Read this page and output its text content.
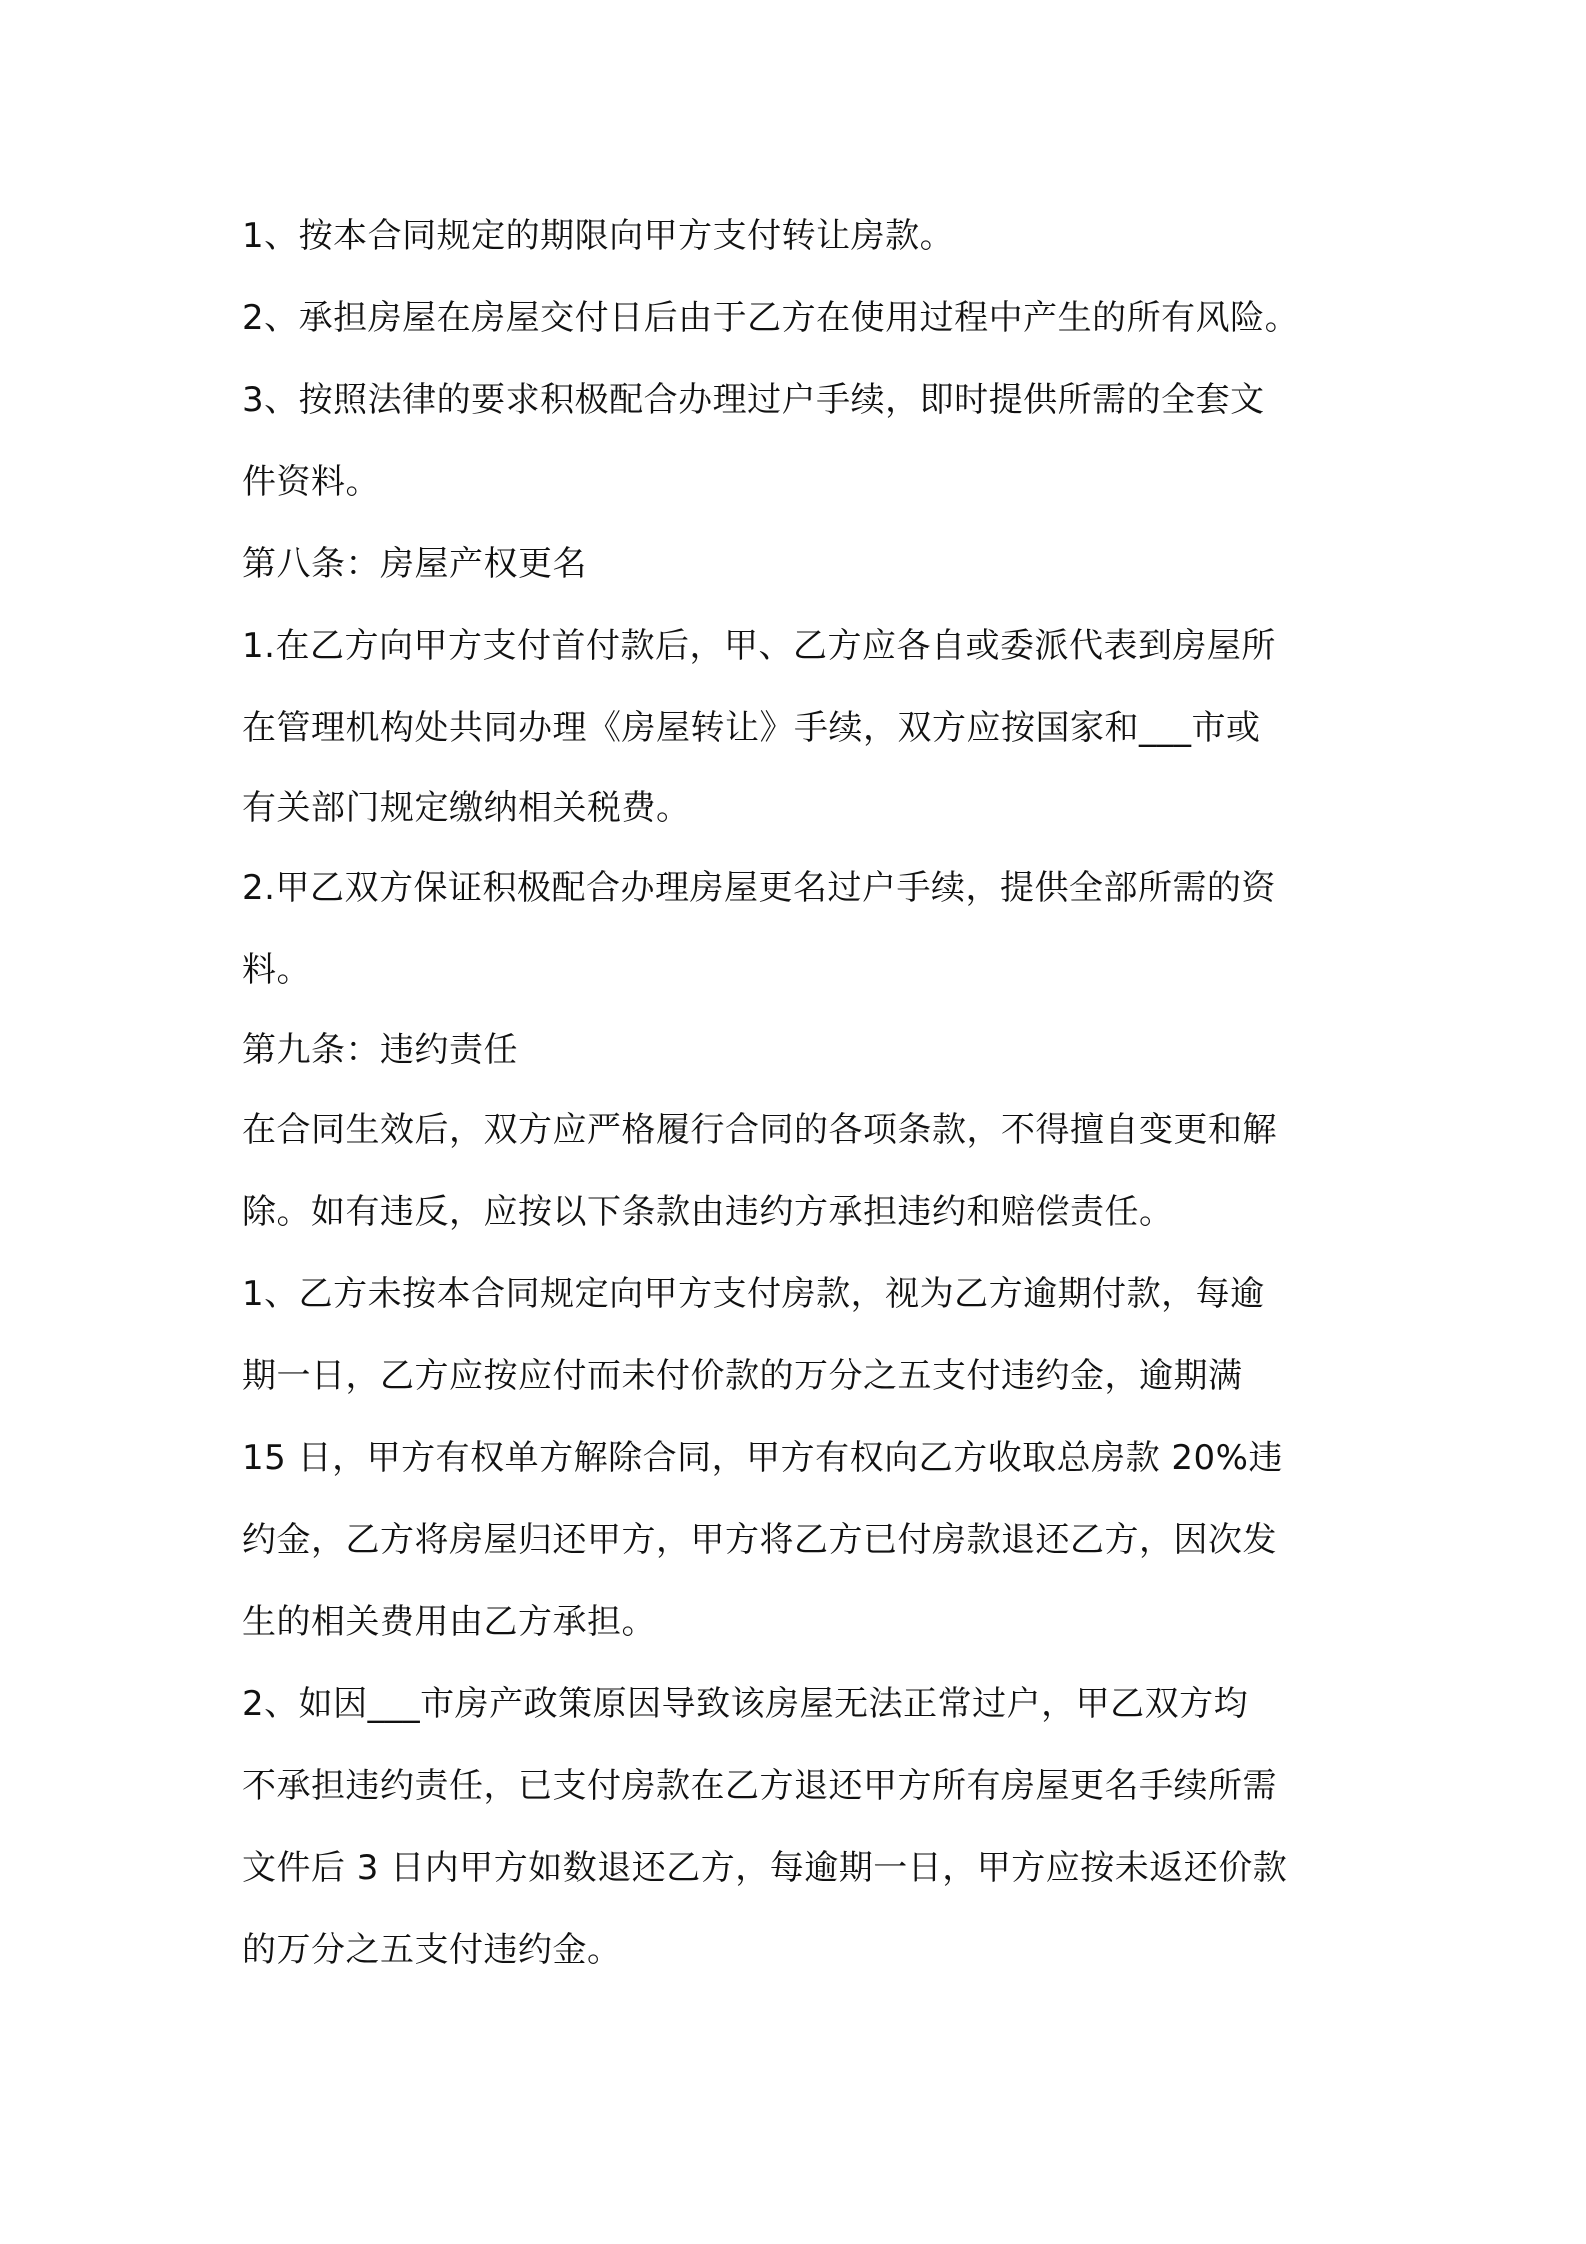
1、按本合同规定的期限向甲方支付转让房款。
2、承担房屋在房屋交付日后由于乙方在使用过程中产生的所有风险。
3、按照法律的要求积极配合办理过户手续，即时提供所需的全套文
件资料。
第八条：房屋产权更名
1.在乙方向甲方支付首付款后，甲、乙方应各自或委派代表到房屋所
在管理机构处共同办理《房屋转让》手续，双方应按国家和___市或
有关部门规定缴纳相关税费。
2.甲乙双方保证积极配合办理房屋更名过户手续，提供全部所需的资
料。
第九条：违约责任
在合同生效后，双方应严格履行合同的各项条款，不得擅自变更和解
除。如有违反，应按以下条款由违约方承担违约和赔偿责任。
1、乙方未按本合同规定向甲方支付房款，视为乙方逾期付款，每逾
期一日，乙方应按应付而未付价款的万分之五支付违约金，逾期满
15 日，甲方有权单方解除合同，甲方有权向乙方收取总房款 20%违
约金，乙方将房屋归还甲方，甲方将乙方已付房款退还乙方，因次发
生的相关费用由乙方承担。
2、如因___市房产政策原因导致该房屋无法正常过户，甲乙双方均
不承担违约责任，已支付房款在乙方退还甲方所有房屋更名手续所需
文件后 3 日内甲方如数退还乙方，每逾期一日，甲方应按未返还价款
的万分之五支付违约金。
